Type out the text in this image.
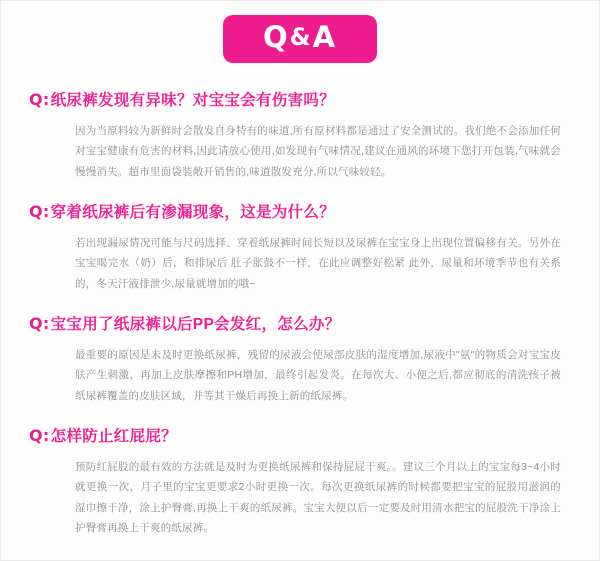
Q&A
Q: 纸尿裤发现有异味？对宝宝会有伤害吗？
因为当原料较为新鲜时会散发自身特有的味道,所有原材料都是通过了安全测试的。我们绝不会添加任何对宝宝健康有危害的材料,因此请放心使用,如发现有气味情况,建议在通风的环境下您打开包装,气味就会慢慢消失。超市里面袋装敞开销售的,味道散发充分,所以气味较轻。
Q: 穿着纸尿裤后有渗漏现象，这是为什么？
若出现漏尿情况可能与尺码选择、穿着纸尿裤时间长短以及尿裤在宝宝身上出现位置偏移有关。另外在宝宝喝完水（奶）后，和排尿后 肚子胀鼓不一样，在此应调整好松紧 此外，尿量和环境季节也有关系的，冬天汗液排泄少,尿量就增加的哦~
Q: 宝宝用了纸尿裤以后PP会发红，怎么办？
最重要的原因是未及时更换纸尿裤，残留的尿液会使尿部皮肤的湿度增加,尿液中"氨"的物质会对宝宝皮肤产生刺激，再加上皮肤摩擦和PH增加，最终引起发炎。在每次大、小便之后,都应彻底的清洗孩子被纸尿裤覆盖的皮肤区域，并等其干燥后再换上新的纸尿裤。
Q: 怎样防止红屁屁？
预防红屁股的最有效的方法就是及时为更换纸尿裤和保持屁屁干爽。。建议三个月以上的宝宝每3~4小时就更换一次，月子里的宝宝更要求2小时更换一次。每次更换纸尿裤的时候都要把宝宝的屁股用滋润的湿巾擦干净，涂上护臀膏,再换上干爽的纸尿裤。宝宝大便以后一定要及时用清水把宝的屁股洗干净涂上护臀膏再换上干爽的纸尿裤。
